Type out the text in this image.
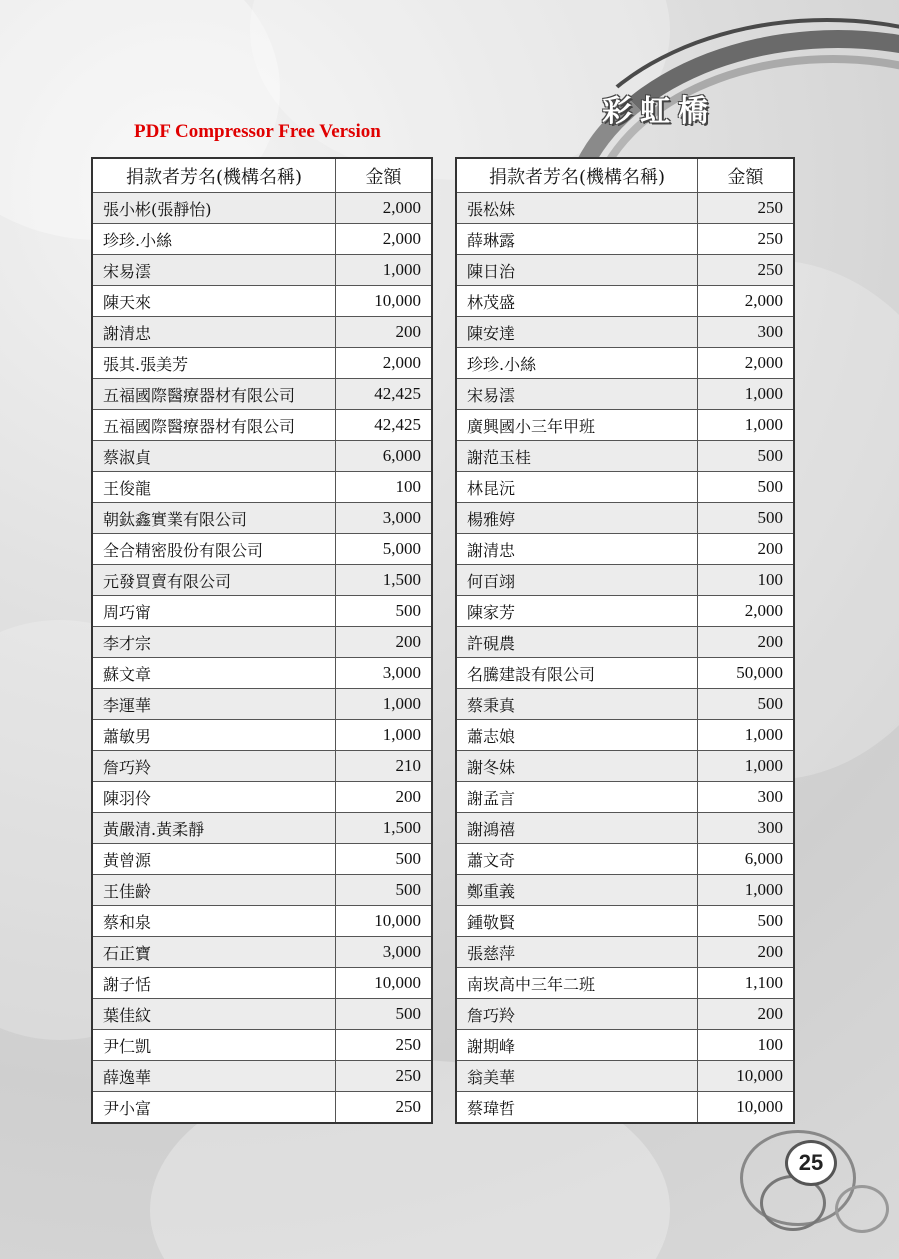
彩虹橋
PDF Compressor Free Version
捐款者芳名(機構名稱)	金額
張小彬(張靜怡)	2,000
珍珍.小絲	2,000
宋易澐	1,000
陳天來	10,000
謝清忠	200
張其.張美芳	2,000
五福國際醫療器材有限公司	42,425
五福國際醫療器材有限公司	42,425
蔡淑貞	6,000
王俊龍	100
朝鈦鑫實業有限公司	3,000
全合精密股份有限公司	5,000
元發買賣有限公司	1,500
周巧甯	500
李才宗	200
蘇文章	3,000
李運華	1,000
蕭敏男	1,000
詹巧羚	210
陳羽伶	200
黃嚴清.黃柔靜	1,500
黃曾源	500
王佳齡	500
蔡和泉	10,000
石正寶	3,000
謝子恬	10,000
葉佳紋	500
尹仁凱	250
薛逸華	250
尹小富	250
捐款者芳名(機構名稱)	金額
張松妹	250
薛琳露	250
陳日治	250
林茂盛	2,000
陳安達	300
珍珍.小絲	2,000
宋易澐	1,000
廣興國小三年甲班	1,000
謝范玉桂	500
林昆沅	500
楊雅婷	500
謝清忠	200
何百翊	100
陳家芳	2,000
許硯農	200
名騰建設有限公司	50,000
蔡秉真	500
蕭志娘	1,000
謝冬妹	1,000
謝孟言	300
謝鴻禧	300
蕭文奇	6,000
鄭重義	1,000
鍾敬賢	500
張慈萍	200
南崁高中三年二班	1,100
詹巧羚	200
謝期峰	100
翁美華	10,000
蔡瑋哲	10,000
25
